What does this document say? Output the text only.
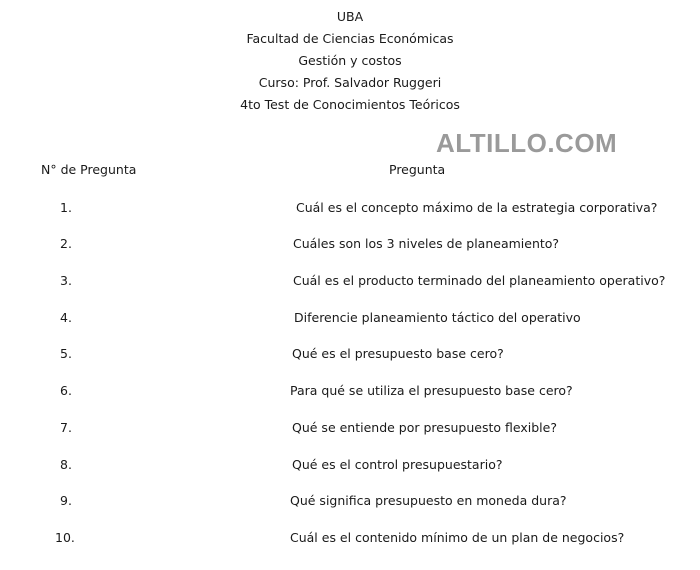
UBA
Facultad de Ciencias Económicas
Gestión y costos
Curso: Prof. Salvador Ruggeri
4to Test de Conocimientos Teóricos
ALTILLO.COM
N° de Pregunta	Pregunta
1.	Cuál es el concepto máximo de la estrategia corporativa?
2.	Cuáles son los 3 niveles de planeamiento?
3.	Cuál es el producto terminado del planeamiento operativo?
4.	Diferencie planeamiento táctico del operativo
5.	Qué es el presupuesto base cero?
6.	Para qué se utiliza el presupuesto base cero?
7.	Qué se entiende por presupuesto flexible?
8.	Qué es el control presupuestario?
9.	Qué significa presupuesto en moneda dura?
10.	Cuál es el contenido mínimo de un plan de negocios?
